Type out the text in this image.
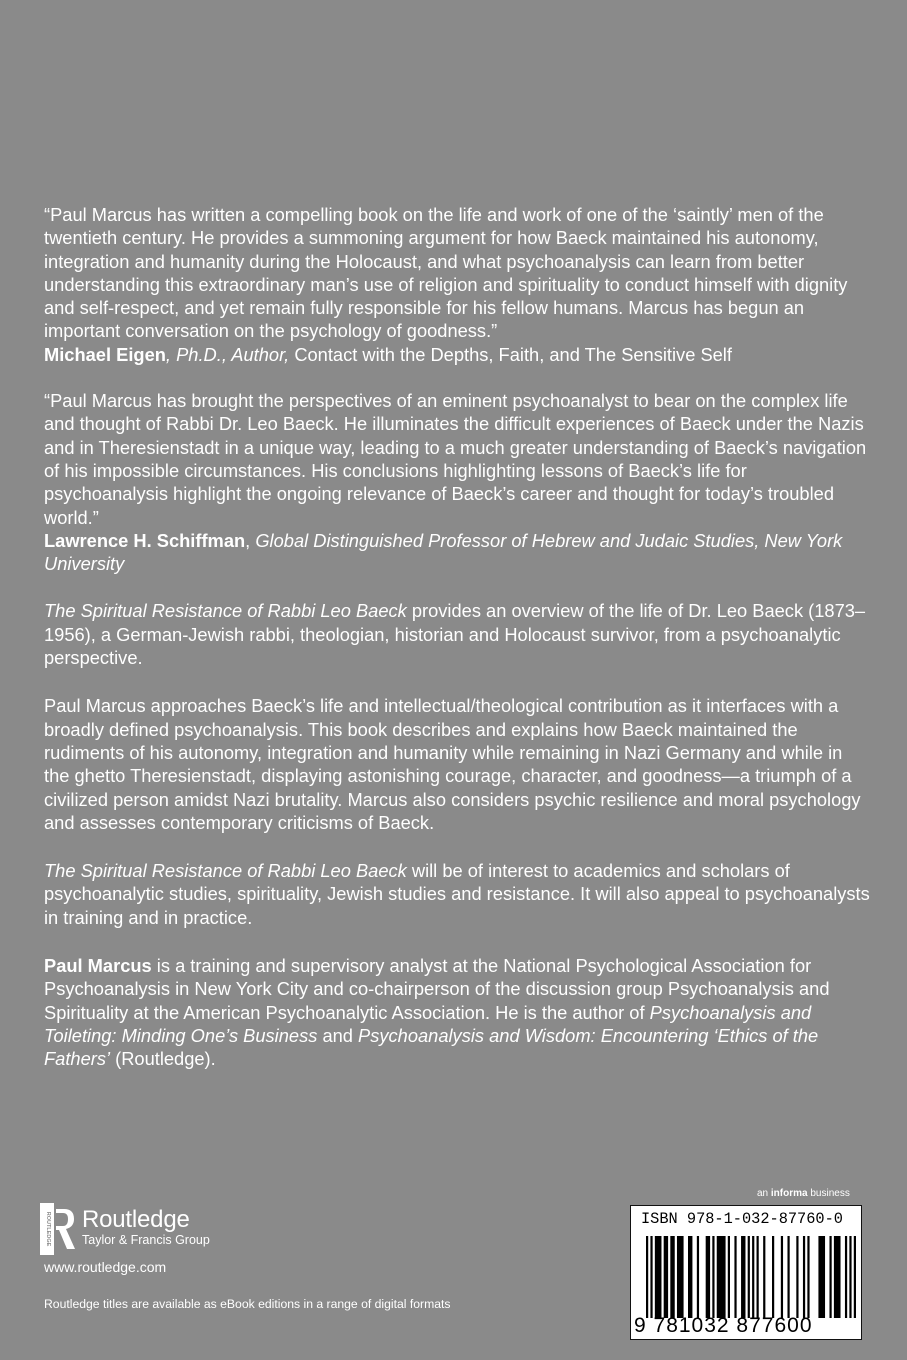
“Paul Marcus has written a compelling book on the life and work of one of the ‘saintly’ men of the twentieth century. He provides a summoning argument for how Baeck maintained his autonomy, integration and humanity during the Holocaust, and what psychoanalysis can learn from better understanding this extraordinary man’s use of religion and spirituality to conduct himself with dignity and self-respect, and yet remain fully responsible for his fellow humans. Marcus has begun an important conversation on the psychology of goodness.”
Michael Eigen, Ph.D., Author, Contact with the Depths, Faith, and The Sensitive Self

“Paul Marcus has brought the perspectives of an eminent psychoanalyst to bear on the complex life and thought of Rabbi Dr. Leo Baeck. He illuminates the difficult experiences of Baeck under the Nazis and in Theresienstadt in a unique way, leading to a much greater understanding of Baeck’s navigation of his impossible circumstances. His conclusions highlighting lessons of Baeck’s life for psychoanalysis highlight the ongoing relevance of Baeck’s career and thought for today’s troubled world.”
Lawrence H. Schiffman, Global Distinguished Professor of Hebrew and Judaic Studies, New York University

The Spiritual Resistance of Rabbi Leo Baeck provides an overview of the life of Dr. Leo Baeck (1873–1956), a German-Jewish rabbi, theologian, historian and Holocaust survivor, from a psychoanalytic perspective.

Paul Marcus approaches Baeck’s life and intellectual/theological contribution as it interfaces with a broadly defined psychoanalysis. This book describes and explains how Baeck maintained the rudiments of his autonomy, integration and humanity while remaining in Nazi Germany and while in the ghetto Theresienstadt, displaying astonishing courage, character, and goodness—a triumph of a civilized person amidst Nazi brutality. Marcus also considers psychic resilience and moral psychology and assesses contemporary criticisms of Baeck.

The Spiritual Resistance of Rabbi Leo Baeck will be of interest to academics and scholars of psychoanalytic studies, spirituality, Jewish studies and resistance. It will also appeal to psychoanalysts in training and in practice.

Paul Marcus is a training and supervisory analyst at the National Psychological Association for Psychoanalysis in New York City and co-chairperson of the discussion group Psychoanalysis and Spirituality at the American Psychoanalytic Association. He is the author of Psychoanalysis and Toileting: Minding One’s Business and Psychoanalysis and Wisdom: Encountering ‘Ethics of the Fathers’ (Routledge).

ROUTLEDGE Routledge
Taylor & Francis Group
www.routledge.com
Routledge titles are available as eBook editions in a range of digital formats
an informa business
ISBN 978-1-032-87760-0
9 781032 877600
